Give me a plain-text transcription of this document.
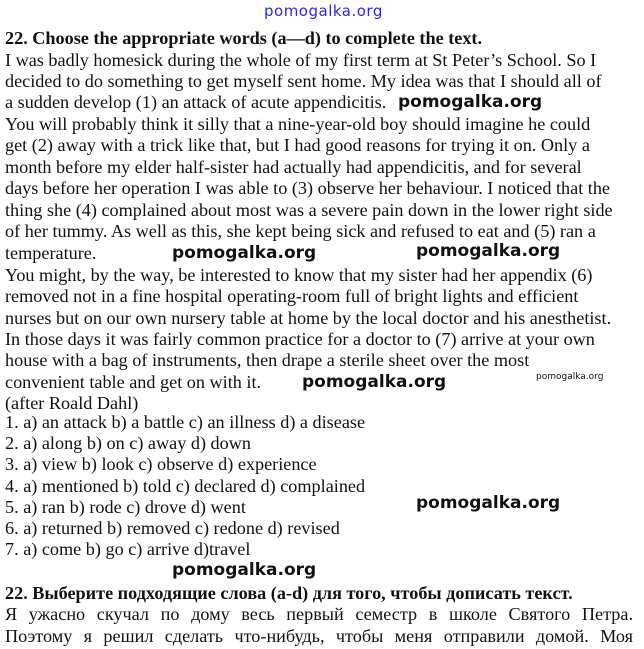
pomogalka.org
22. Choose the appropriate words (a—d) to complete the text.
I was badly homesick during the whole of my first term at St Peter’s School. So I
decided to do something to get myself sent home. My idea was that I should all of
a sudden develop (1) an attack of acute appendicitis.
You will probably think it silly that a nine-year-old boy should imagine he could
get (2) away with a trick like that, but I had good reasons for trying it on. Only a
month before my elder half-sister had actually had appendicitis, and for several
days before her operation I was able to (3) observe her behaviour. I noticed that the
thing she (4) complained about most was a severe pain down in the lower right side
of her tummy. As well as this, she kept being sick and refused to eat and (5) ran a
temperature.
You might, by the way, be interested to know that my sister had her appendix (6)
removed not in a fine hospital operating-room full of bright lights and efficient
nurses but on our own nursery table at home by the local doctor and his anesthetist.
In those days it was fairly common practice for a doctor to (7) arrive at your own
house with a bag of instruments, then drape a sterile sheet over the most
convenient table and get on with it.
(after Roald Dahl)
1. a) an attack b) a battle c) an illness d) a disease
2. a) along b) on c) away d) down
3. a) view b) look c) observe d) experience
4. a) mentioned b) told c) declared d) complained
5. a) ran b) rode c) drove d) went
6. a) returned b) removed c) redone d) revised
7. a) come b) go c) arrive d)travel
22. Выберите подходящие слова (a-d) для того, чтобы дописать текст.
Я ужасно скучал по дому весь первый семестр в школе Святого Петра.
Поэтому я решил сделать что-нибудь, чтобы меня отправили домой. Моя
pomogalka.org
pomogalka.org	pomogalka.org
pomogalka.org	pomogalka.org
pomogalka.org
pomogalka.org
